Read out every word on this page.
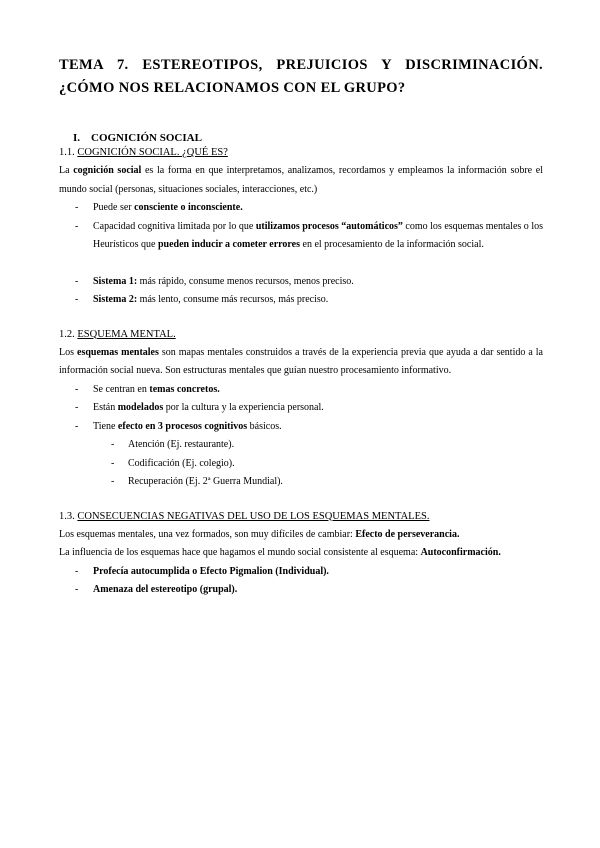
TEMA 7. ESTEREOTIPOS, PREJUICIOS Y DISCRIMINACIÓN.
¿CÓMO NOS RELACIONAMOS CON EL GRUPO?
I. COGNICIÓN SOCIAL

1.1. COGNICIÓN SOCIAL. ¿QUÉ ES?

La cognición social es la forma en que interpretamos, analizamos, recordamos y empleamos la información sobre el mundo social (personas, situaciones sociales, interacciones, etc.)

- Puede ser consciente o inconsciente.
- Capacidad cognitiva limitada por lo que utilizamos procesos “automáticos” como los esquemas mentales o los Heurísticos que pueden inducir a cometer errores en el procesamiento de la información social.
- Sistema 1: más rápido, consume menos recursos, menos preciso.
- Sistema 2: más lento, consume más recursos, más preciso.

1.2. ESQUEMA MENTAL.

Los esquemas mentales son mapas mentales construidos a través de la experiencia previa que ayuda a dar sentido a la información social nueva. Son estructuras mentales que guían nuestro procesamiento informativo.

- Se centran en temas concretos.
- Están modelados por la cultura y la experiencia personal.
- Tiene efecto en 3 procesos cognitivos básicos.
- Atención (Ej. restaurante).
- Codificación (Ej. colegio).
- Recuperación (Ej. 2ª Guerra Mundial).

1.3. CONSECUENCIAS NEGATIVAS DEL USO DE LOS ESQUEMAS MENTALES.

Los esquemas mentales, una vez formados, son muy difíciles de cambiar: Efecto de perseverancia.

La influencia de los esquemas hace que hagamos el mundo social consistente al esquema: Autoconfirmación.

- Profecía autocumplida o Efecto Pigmalion (Individual).
- Amenaza del estereotipo (grupal).
